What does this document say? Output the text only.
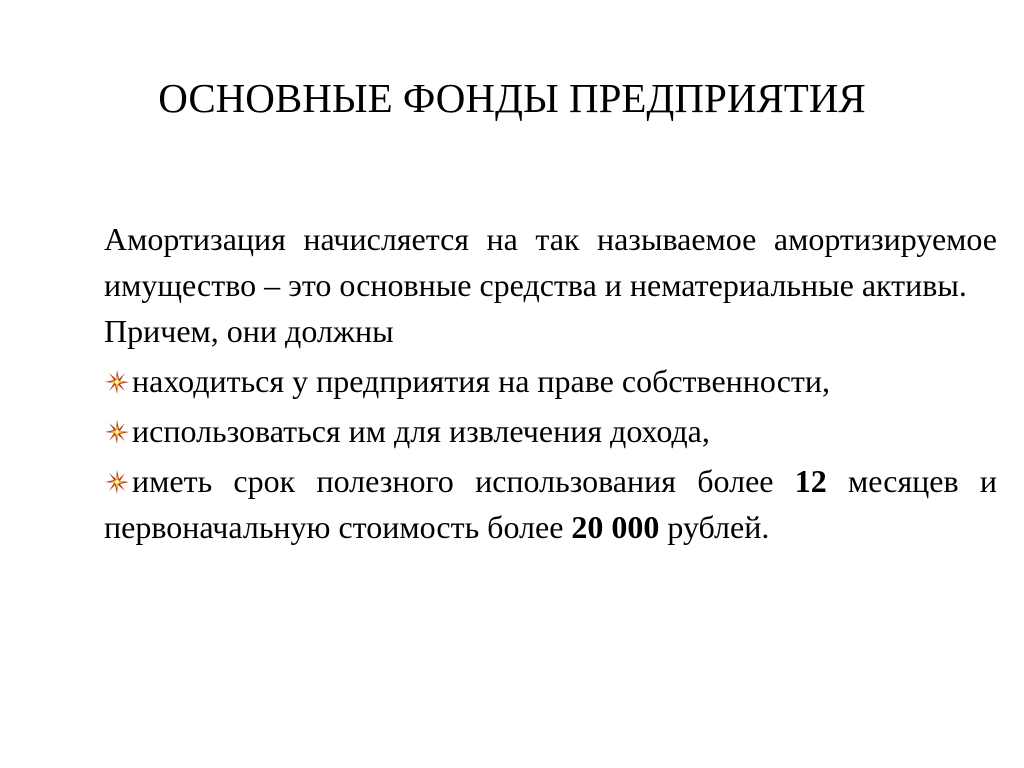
ОСНОВНЫЕ ФОНДЫ ПРЕДПРИЯТИЯ

Амортизация начисляется на так называемое амортизируемое имущество – это основные средства и нематериальные активы.

Причем, они должны

находиться у предприятия на праве собственности,

использоваться им для извлечения дохода,

иметь срок полезного использования более 12 месяцев и первоначальную стоимость более 20 000 рублей.
